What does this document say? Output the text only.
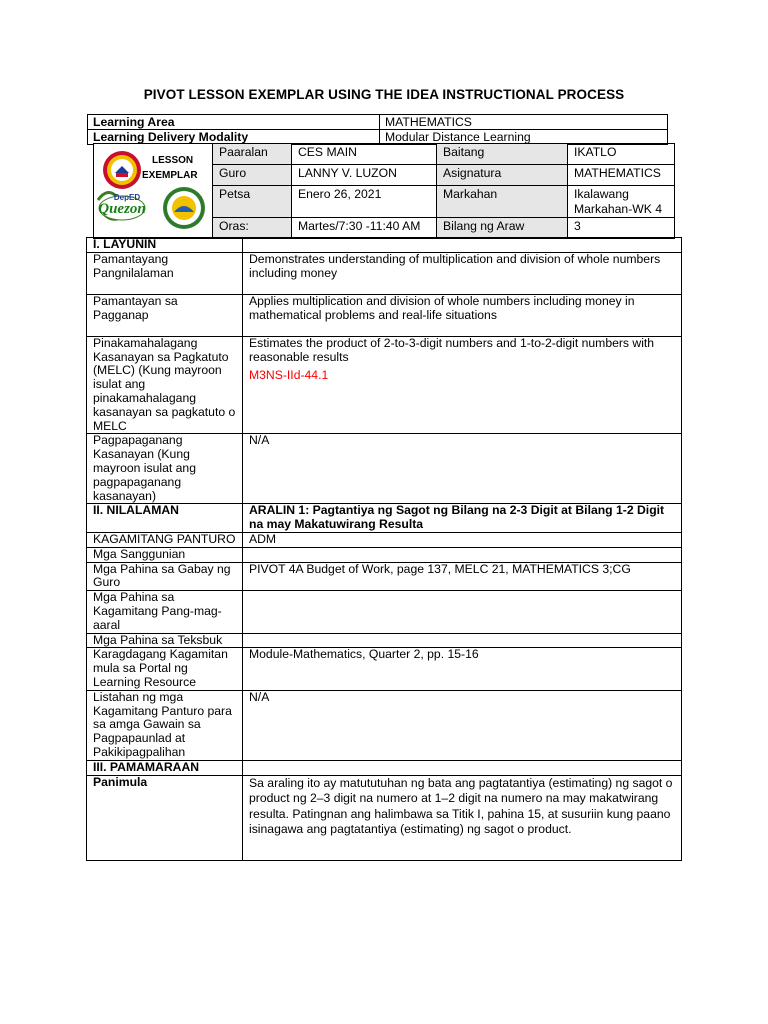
PIVOT LESSON EXEMPLAR USING THE IDEA INSTRUCTIONAL PROCESS
Learning Area	MATHEMATICS
Learning Delivery Modality	Modular Distance Learning
Quezon
DepED
LESSON
EXEMPLAR	Paaralan	CES MAIN	Baitang	IKATLO
	Guro	LANNY V. LUZON	Asignatura	MATHEMATICS
	Petsa	Enero 26, 2021	Markahan	Ikalawang Markahan-WK 4
	Oras:	Martes/7:30 -11:40 AM	Bilang ng Araw	3
I. LAYUNIN	
Pamantayang Pangnilalaman	Demonstrates understanding of multiplication and division of whole numbers including money
Pamantayan sa Pagganap	Applies multiplication and division of whole numbers including money in mathematical problems and real-life situations
Pinakamahalagang Kasanayan sa Pagkatuto (MELC) (Kung mayroon isulat ang pinakamahalagang kasanayan sa pagkatuto o MELC	Estimates the product of 2-to-3-digit numbers and 1-to-2-digit numbers with reasonable results
M3NS-IId-44.1

Pagpapaganang Kasanayan (Kung mayroon isulat ang pagpapaganang kasanayan)	N/A
II. NILALAMAN	ARALIN 1: Pagtantiya ng Sagot ng Bilang na 2-3 Digit at Bilang 1-2 Digit na may Makatuwirang Resulta
KAGAMITANG PANTURO	ADM
Mga Sanggunian	
Mga Pahina sa Gabay ng Guro	PIVOT 4A Budget of Work, page 137, MELC 21, MATHEMATICS 3;CG
Mga Pahina sa Kagamitang Pang-mag-aaral	
Mga Pahina sa Teksbuk	
Karagdagang Kagamitan mula sa Portal ng Learning Resource	Module-Mathematics, Quarter 2, pp. 15-16
Listahan ng mga Kagamitang Panturo para sa amga Gawain sa Pagpapaunlad at Pakikipagpalihan	N/A
III. PAMAMARAAN	
Panimula	Sa araling ito ay matututuhan ng bata ang pagtatantiya (estimating) ng sagot o product ng 2–3 digit na numero at 1–2 digit na numero na may makatwirang resulta. Patingnan ang halimbawa sa Titik I, pahina 15, at susuriin kung paano isinagawa ang pagtatantiya (estimating) ng sagot o product.
